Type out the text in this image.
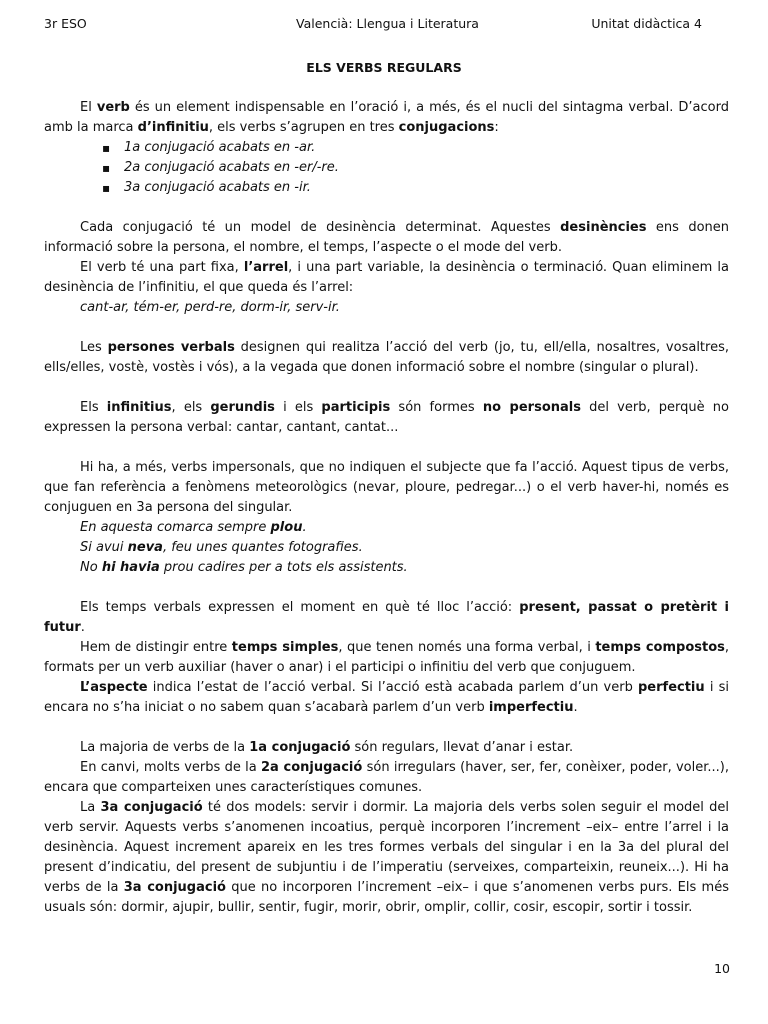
3r ESO	Valencià: Llengua i Literatura	Unitat didàctica 4
ELS VERBS REGULARS

El verb és un element indispensable en l’oració i, a més, és el nucli del sintagma verbal. D’acord amb la marca d’infinitiu, els verbs s’agrupen en tres conjugacions:

▪ 1a conjugació acabats en -ar.
▪ 2a conjugació acabats en -er/-re.
▪ 3a conjugació acabats en -ir.

Cada conjugació té un model de desinència determinat. Aquestes desinències ens donen informació sobre la persona, el nombre, el temps, l’aspecte o el mode del verb.

El verb té una part fixa, l’arrel, i una part variable, la desinència o terminació. Quan eliminem la desinència de l’infinitiu, el que queda és l’arrel:

cant-ar, tém-er, perd-re, dorm-ir, serv-ir.

Les persones verbals designen qui realitza l’acció del verb (jo, tu, ell/ella, nosaltres, vosaltres, ells/elles, vostè, vostès i vós), a la vegada que donen informació sobre el nombre (singular o plural).

Els infinitius, els gerundis i els participis són formes no personals del verb, perquè no expressen la persona verbal: cantar, cantant, cantat...

Hi ha, a més, verbs impersonals, que no indiquen el subjecte que fa l’acció. Aquest tipus de verbs, que fan referència a fenòmens meteorològics (nevar, ploure, pedregar...) o el verb haver-hi, només es conjuguen en 3a persona del singular.

En aquesta comarca sempre plou.

Si avui neva, feu unes quantes fotografies.

No hi havia prou cadires per a tots els assistents.

Els temps verbals expressen el moment en què té lloc l’acció: present, passat o pretèrit i futur.

Hem de distingir entre temps simples, que tenen només una forma verbal, i temps compostos, formats per un verb auxiliar (haver o anar) i el participi o infinitiu del verb que conjuguem.

L’aspecte indica l’estat de l’acció verbal. Si l’acció està acabada parlem d’un verb perfectiu i si encara no s’ha iniciat o no sabem quan s’acabarà parlem d’un verb imperfectiu.

La majoria de verbs de la 1a conjugació són regulars, llevat d’anar i estar.

En canvi, molts verbs de la 2a conjugació són irregulars (haver, ser, fer, conèixer, poder, voler...), encara que comparteixen unes característiques comunes.

La 3a conjugació té dos models: servir i dormir. La majoria dels verbs solen seguir el model del verb servir. Aquests verbs s’anomenen incoatius, perquè incorporen l’increment –eix– entre l’arrel i la desinència. Aquest increment apareix en les tres formes verbals del singular i en la 3a del plural del present d’indicatiu, del present de subjuntiu i de l’imperatiu (serveixes, comparteixin, reuneix...). Hi ha verbs de la 3a conjugació que no incorporen l’increment –eix– i que s’anomenen verbs purs. Els més usuals són: dormir, ajupir, bullir, sentir, fugir, morir, obrir, omplir, collir, cosir, escopir, sortir i tossir.

10
